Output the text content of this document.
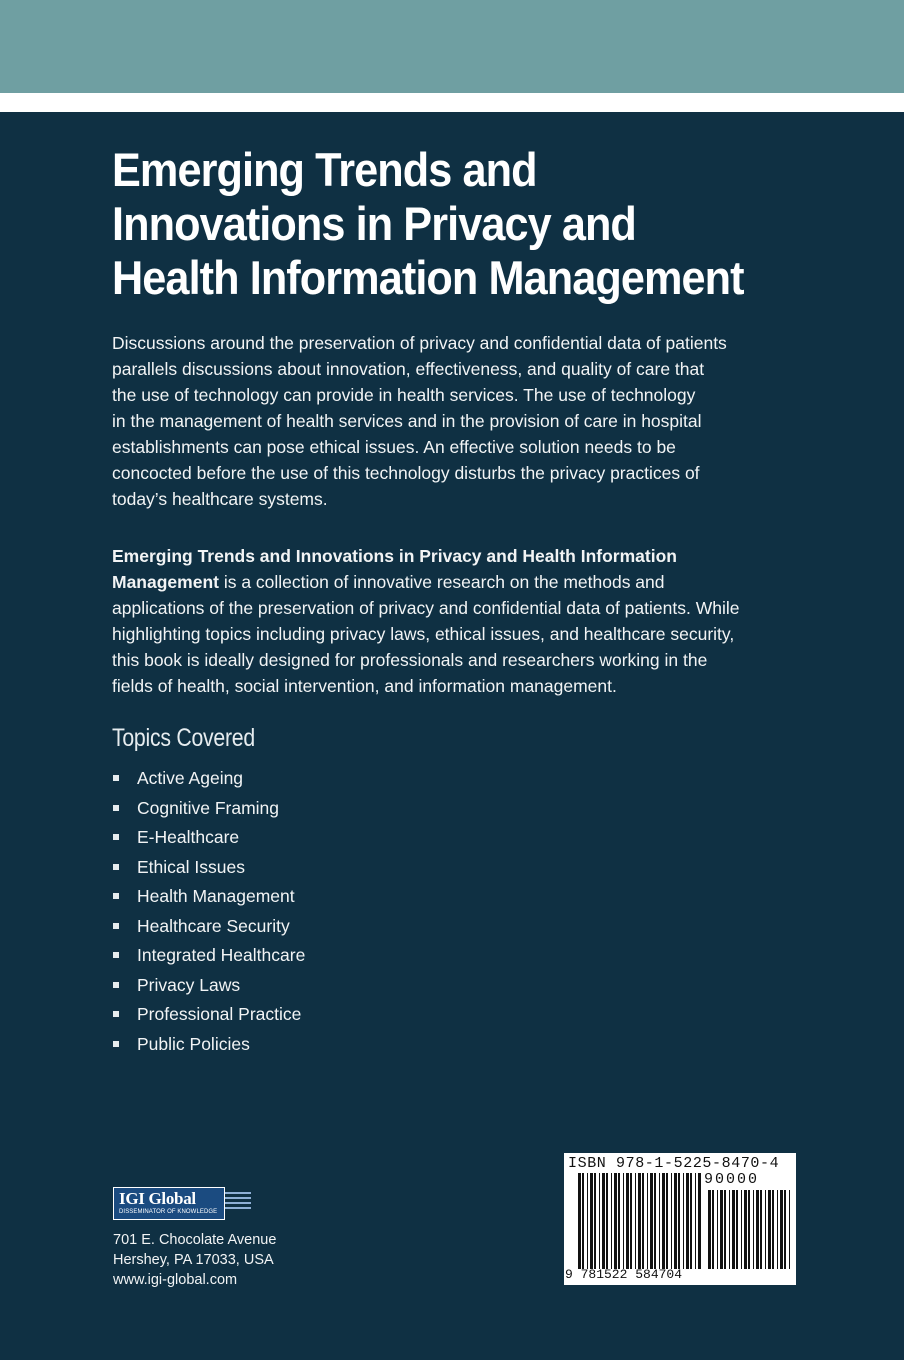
Emerging Trends and
Innovations in Privacy and
Health Information Management
Discussions around the preservation of privacy and confidential data of patients
parallels discussions about innovation, effectiveness, and quality of care that
the use of technology can provide in health services. The use of technology
in the management of health services and in the provision of care in hospital
establishments can pose ethical issues. An effective solution needs to be
concocted before the use of this technology disturbs the privacy practices of
today’s healthcare systems.
Emerging Trends and Innovations in Privacy and Health Information
Management is a collection of innovative research on the methods and
applications of the preservation of privacy and confidential data of patients. While
highlighting topics including privacy laws, ethical issues, and healthcare security,
this book is ideally designed for professionals and researchers working in the
fields of health, social intervention, and information management.
Topics Covered
Active Ageing
Cognitive Framing
E-Healthcare
Ethical Issues
Health Management
Healthcare Security
Integrated Healthcare
Privacy Laws
Professional Practice
Public Policies
IGI Global
DISSEMINATOR OF KNOWLEDGE
701 E. Chocolate Avenue
Hershey, PA 17033, USA
www.igi-global.com
ISBN 978-1-5225-8470-4
90000
9 781522 584704
